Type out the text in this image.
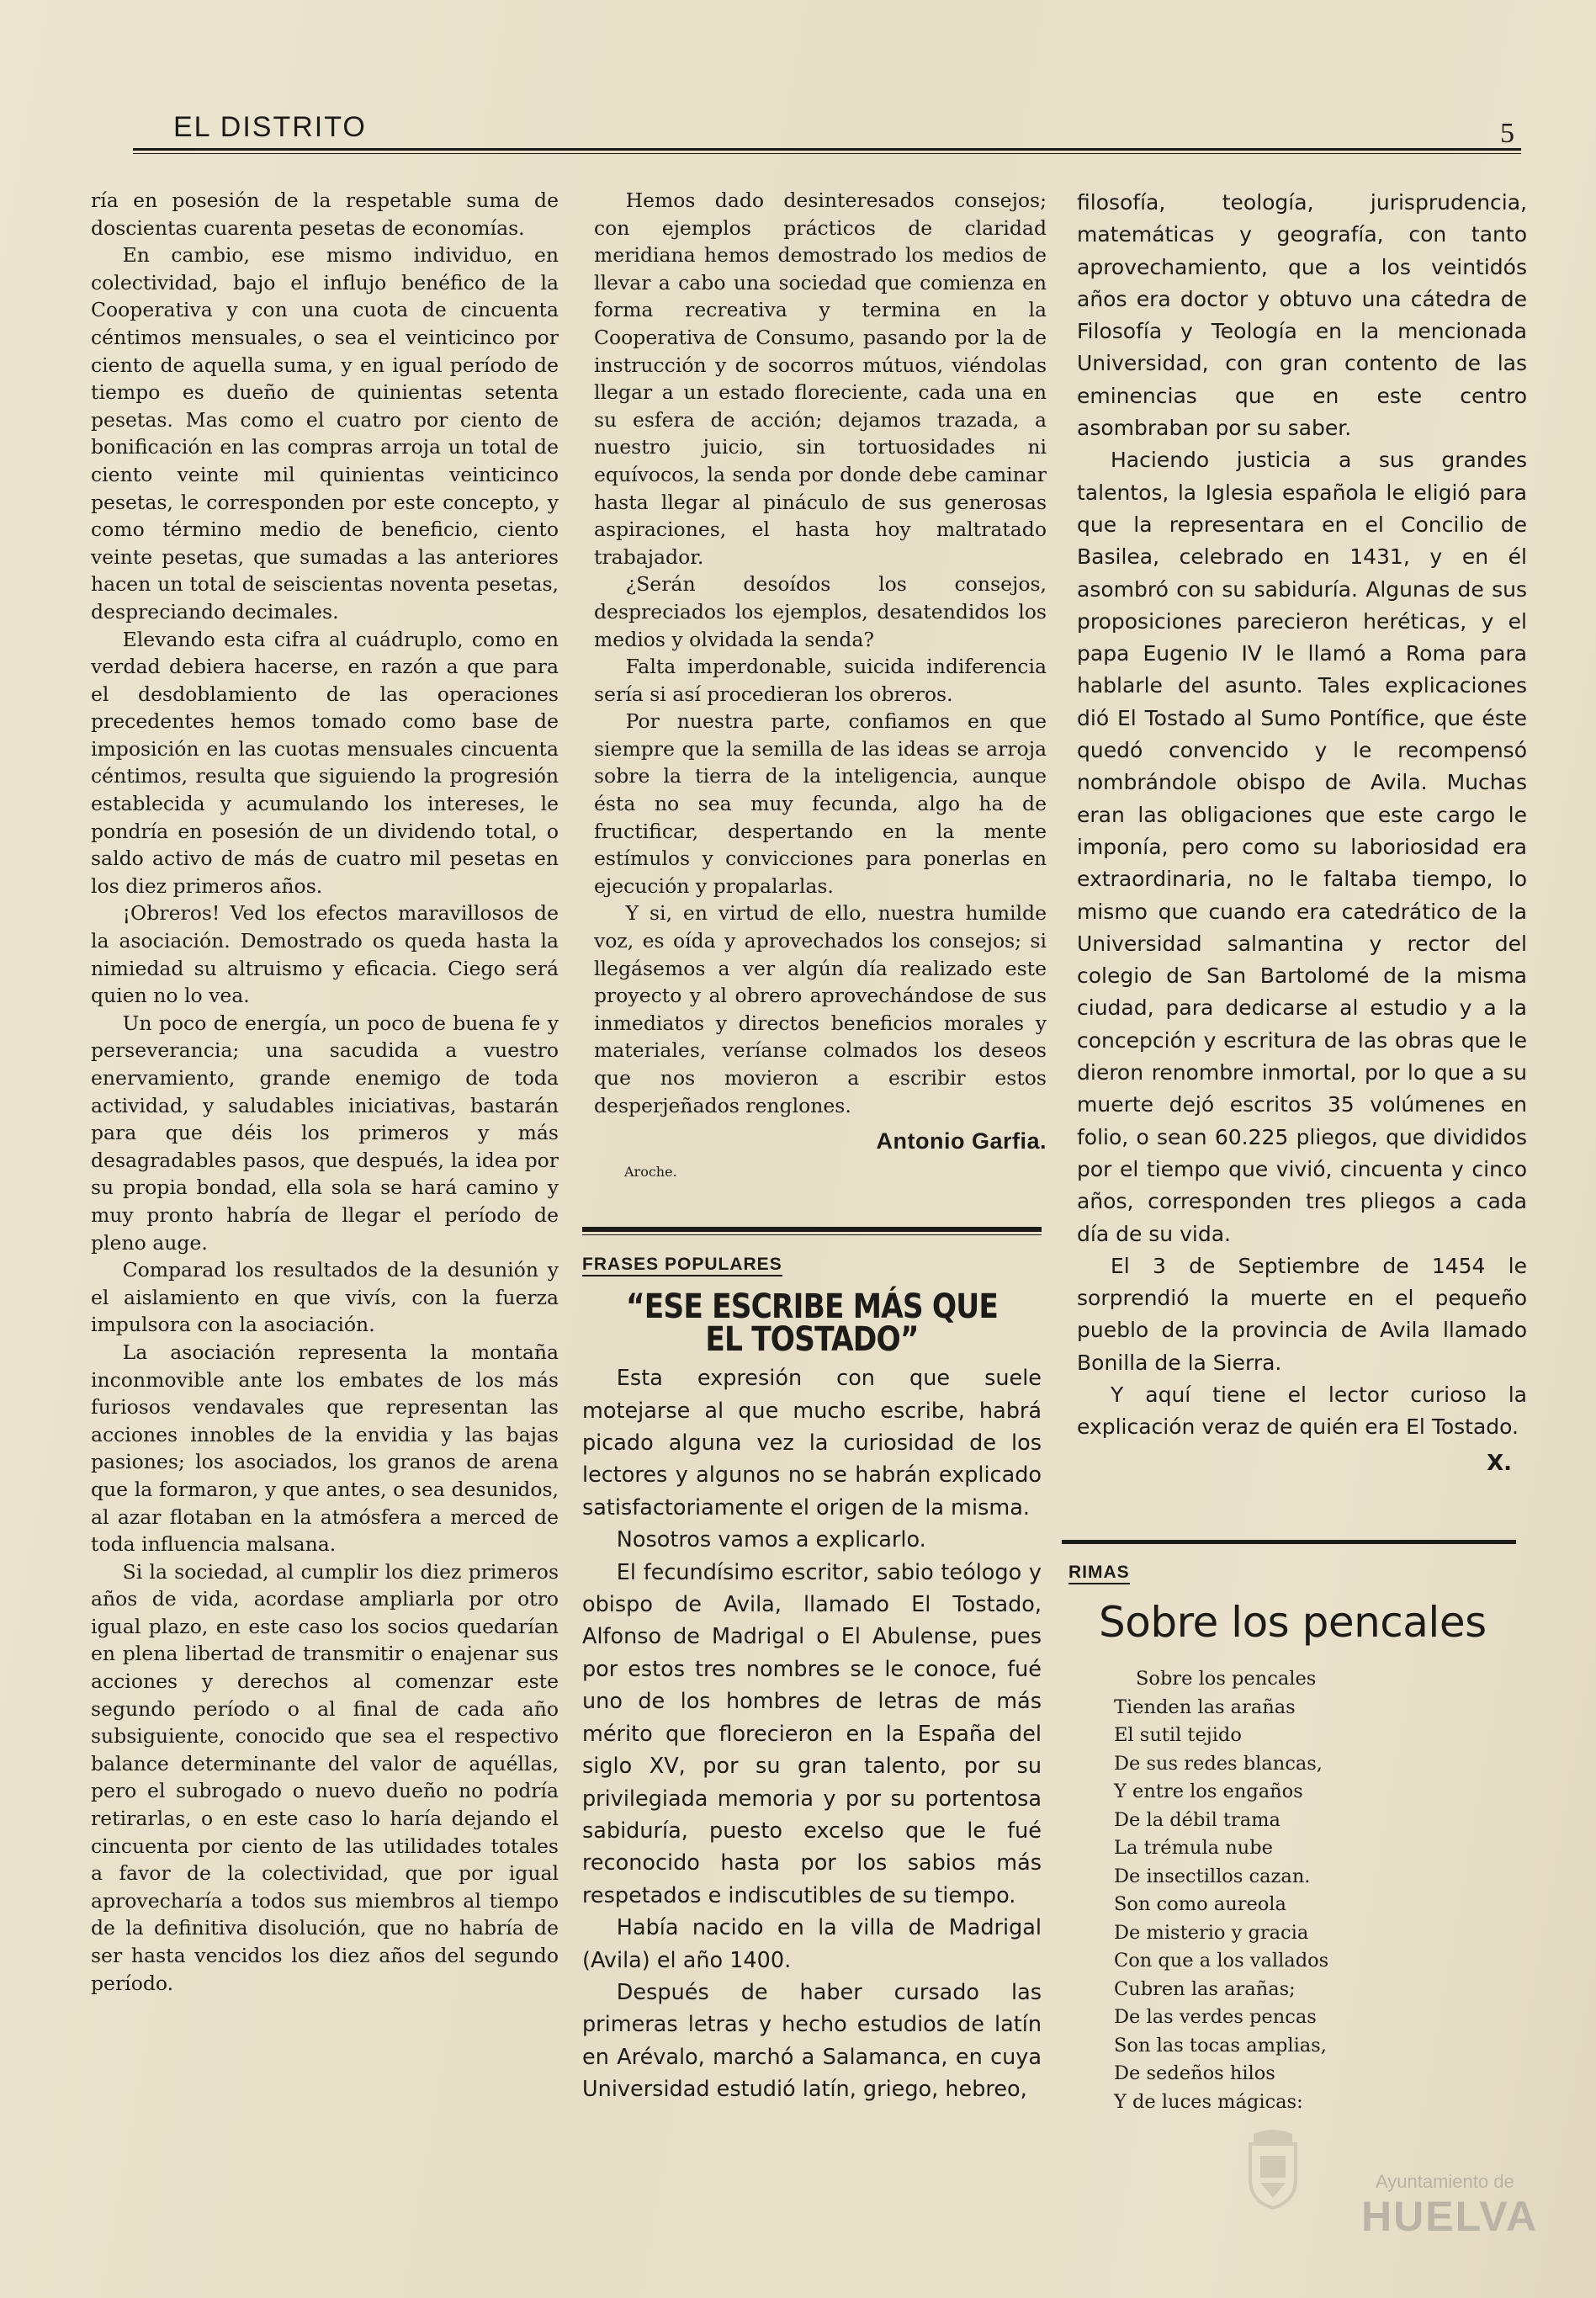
EL DISTRITO	5

ría en posesión de la respetable suma de doscientas cuarenta pesetas de economías.

En cambio, ese mismo individuo, en colectividad, bajo el influjo benéfico de la Cooperativa y con una cuota de cincuenta céntimos mensuales, o sea el veinticinco por ciento de aquella suma, y en igual período de tiempo es dueño de quinientas setenta pesetas. Mas como el cuatro por ciento de bonificación en las compras arroja un total de ciento veinte mil quinientas veinticinco pesetas, le corresponden por este concepto, y como término medio de beneficio, ciento veinte pesetas, que sumadas a las anteriores hacen un total de seiscientas noventa pesetas, despreciando decimales.

Elevando esta cifra al cuádruplo, como en verdad debiera hacerse, en razón a que para el desdoblamiento de las operaciones precedentes hemos tomado como base de imposición en las cuotas mensuales cincuenta céntimos, resulta que siguiendo la progresión establecida y acumulando los intereses, le pondría en posesión de un dividendo total, o saldo activo de más de cuatro mil pesetas en los diez primeros años.

¡Obreros! Ved los efectos maravillosos de la asociación. Demostrado os queda hasta la nimiedad su altruismo y eficacia. Ciego será quien no lo vea.

Un poco de energía, un poco de buena fe y perseverancia; una sacudida a vuestro enervamiento, grande enemigo de toda actividad, y saludables iniciativas, bastarán para que déis los primeros y más desagradables pasos, que después, la idea por su propia bondad, ella sola se hará camino y muy pronto habría de llegar el período de pleno auge.

Comparad los resultados de la desunión y el aislamiento en que vivís, con la fuerza impulsora con la asociación.

La asociación representa la montaña inconmovible ante los embates de los más furiosos vendavales que representan las acciones innobles de la envidia y las bajas pasiones; los asociados, los granos de arena que la formaron, y que antes, o sea desunidos, al azar flotaban en la atmósfera a merced de toda influencia malsana.

Si la sociedad, al cumplir los diez primeros años de vida, acordase ampliarla por otro igual plazo, en este caso los socios quedarían en plena libertad de transmitir o enajenar sus acciones y derechos al comenzar este segundo período o al final de cada año subsiguiente, conocido que sea el respectivo balance determinante del valor de aquéllas, pero el subrogado o nuevo dueño no podría retirarlas, o en este caso lo haría dejando el cincuenta por ciento de las utilidades totales a favor de la colectividad, que por igual aprovecharía a todos sus miembros al tiempo de la definitiva disolución, que no habría de ser hasta vencidos los diez años del segundo período.

Hemos dado desinteresados consejos; con ejemplos prácticos de claridad meridiana hemos demostrado los medios de llevar a cabo una sociedad que comienza en forma recreativa y termina en la Cooperativa de Consumo, pasando por la de instrucción y de socorros mútuos, viéndolas llegar a un estado floreciente, cada una en su esfera de acción; dejamos trazada, a nuestro juicio, sin tortuosidades ni equívocos, la senda por donde debe caminar hasta llegar al pináculo de sus generosas aspiraciones, el hasta hoy maltratado trabajador.

¿Serán desoídos los consejos, despreciados los ejemplos, desatendidos los medios y olvidada la senda?

Falta imperdonable, suicida indiferencia sería si así procedieran los obreros.

Por nuestra parte, confiamos en que siempre que la semilla de las ideas se arroja sobre la tierra de la inteligencia, aunque ésta no sea muy fecunda, algo ha de fructificar, despertando en la mente estímulos y convicciones para ponerlas en ejecución y propalarlas.

Y si, en virtud de ello, nuestra humilde voz, es oída y aprovechados los consejos; si llegásemos a ver algún día realizado este proyecto y al obrero aprovechándose de sus inmediatos y directos beneficios morales y materiales, veríanse colmados los deseos que nos movieron a escribir estos desperjeñados renglones.

Antonio Garfia.
Aroche.
FRASES POPULARES
“ESE ESCRIBE MÁS QUE EL TOSTADO”

Esta expresión con que suele motejarse al que mucho escribe, habrá picado alguna vez la curiosidad de los lectores y algunos no se habrán explicado satisfactoriamente el origen de la misma.

Nosotros vamos a explicarlo.

El fecundísimo escritor, sabio teólogo y obispo de Avila, llamado El Tostado, Alfonso de Madrigal o El Abulense, pues por estos tres nombres se le conoce, fué uno de los hombres de letras de más mérito que florecieron en la España del siglo XV, por su gran talento, por su privilegiada memoria y por su portentosa sabiduría, puesto excelso que le fué reconocido hasta por los sabios más respetados e indiscutibles de su tiempo.

Había nacido en la villa de Madrigal (Avila) el año 1400.

Después de haber cursado las primeras letras y hecho estudios de latín en Arévalo, marchó a Salamanca, en cuya Universidad estudió latín, griego, hebreo,

filosofía, teología, jurisprudencia, matemáticas y geografía, con tanto aprovechamiento, que a los veintidós años era doctor y obtuvo una cátedra de Filosofía y Teología en la mencionada Universidad, con gran contento de las eminencias que en este centro asombraban por su saber.

Haciendo justicia a sus grandes talentos, la Iglesia española le eligió para que la representara en el Concilio de Basilea, celebrado en 1431, y en él asombró con su sabiduría. Algunas de sus proposiciones parecieron heréticas, y el papa Eugenio IV le llamó a Roma para hablarle del asunto. Tales explicaciones dió El Tostado al Sumo Pontífice, que éste quedó convencido y le recompensó nombrándole obispo de Avila. Muchas eran las obligaciones que este cargo le imponía, pero como su laboriosidad era extraordinaria, no le faltaba tiempo, lo mismo que cuando era catedrático de la Universidad salmantina y rector del colegio de San Bartolomé de la misma ciudad, para dedicarse al estudio y a la concepción y escritura de las obras que le dieron renombre inmortal, por lo que a su muerte dejó escritos 35 volúmenes en folio, o sean 60.225 pliegos, que divididos por el tiempo que vivió, cincuenta y cinco años, corresponden tres pliegos a cada día de su vida.

El 3 de Septiembre de 1454 le sorprendió la muerte en el pequeño pueblo de la provincia de Avila llamado Bonilla de la Sierra.

Y aquí tiene el lector curioso la explicación veraz de quién era El Tostado.

X.
RIMAS
Sobre los pencales
Sobre los pencales
Tienden las arañas
El sutil tejido
De sus redes blancas,
Y entre los engaños
De la débil trama
La trémula nube
De insectillos cazan.
Son como aureola
De misterio y gracia
Con que a los vallados
Cubren las arañas;
De las verdes pencas
Son las tocas amplias,
De sedeños hilos
Y de luces mágicas:
Ayuntamiento de
HUELVA
